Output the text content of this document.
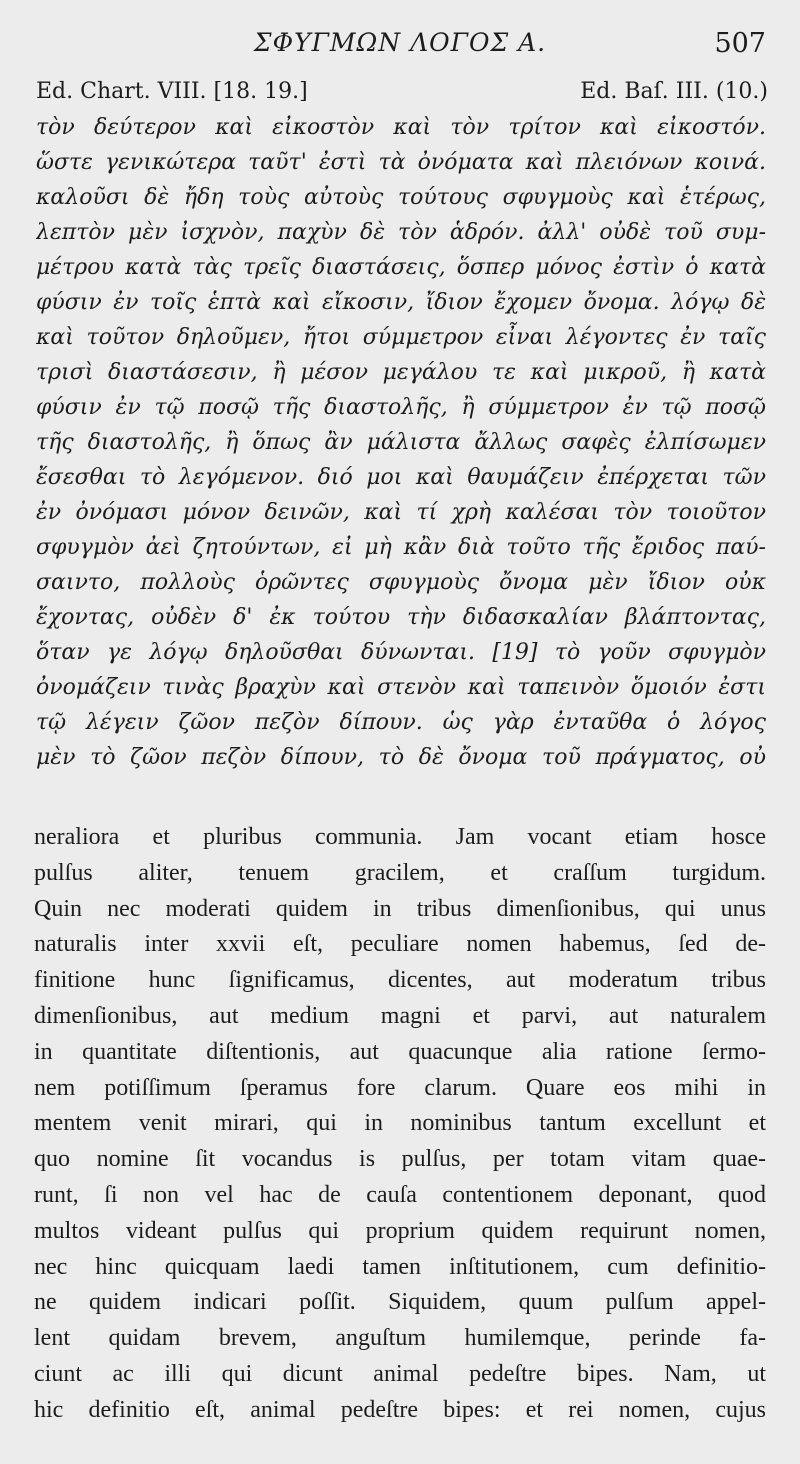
ΣΦΥΓΜΩΝ ΛΟΓΟΣ Α.	507
Ed. Chart. VIII. [18. 19.]	Ed. Baſ. III. (10.)
τὸν δεύτερον καὶ εἰκοστὸν καὶ τὸν τρίτον καὶ εἰκοστόν.
ὥστε γενικώτερα ταῦτ' ἐστὶ τὰ ὀνόματα καὶ πλειόνων κοινά.
καλοῦσι δὲ ἤδη τοὺς αὐτοὺς τούτους σφυγμοὺς καὶ ἑτέρως,
λεπτὸν μὲν ἰσχνὸν, παχὺν δὲ τὸν ἁδρόν. ἀλλ' οὐδὲ τοῦ συμ-
μέτρου κατὰ τὰς τρεῖς διαστάσεις, ὅσπερ μόνος ἐστὶν ὁ κατὰ
φύσιν ἐν τοῖς ἑπτὰ καὶ εἴκοσιν, ἴδιον ἔχομεν ὄνομα. λόγῳ δὲ
καὶ τοῦτον δηλοῦμεν, ἤτοι σύμμετρον εἶναι λέγοντες ἐν ταῖς
τρισὶ διαστάσεσιν, ἢ μέσον μεγάλου τε καὶ μικροῦ, ἢ κατὰ
φύσιν ἐν τῷ ποσῷ τῆς διαστολῆς, ἢ σύμμετρον ἐν τῷ ποσῷ
τῆς διαστολῆς, ἢ ὅπως ἂν μάλιστα ἄλλως σαφὲς ἐλπίσωμεν
ἔσεσθαι τὸ λεγόμενον. διό μοι καὶ θαυμάζειν ἐπέρχεται τῶν
ἐν ὀνόμασι μόνον δεινῶν, καὶ τί χρὴ καλέσαι τὸν τοιοῦτον
σφυγμὸν ἀεὶ ζητούντων, εἰ μὴ κἂν διὰ τοῦτο τῆς ἔριδος παύ-
σαιντο, πολλοὺς ὁρῶντες σφυγμοὺς ὄνομα μὲν ἴδιον οὐκ
ἔχοντας, οὐδὲν δ' ἐκ τούτου τὴν διδασκαλίαν βλάπτοντας,
ὅταν γε λόγῳ δηλοῦσθαι δύνωνται. [19] τὸ γοῦν σφυγμὸν
ὀνομάζειν τινὰς βραχὺν καὶ στενὸν καὶ ταπεινὸν ὅμοιόν ἐστι
τῷ λέγειν ζῶον πεζὸν δίπουν. ὡς γὰρ ἐνταῦθα ὁ λόγος
μὲν τὸ ζῶον πεζὸν δίπουν, τὸ δὲ ὄνομα τοῦ πράγματος, οὐ
neraliora et pluribus communia. Jam vocant etiam hosce
pulſus aliter, tenuem gracilem, et craſſum turgidum.
Quin nec moderati quidem in tribus dimenſionibus, qui unus
naturalis inter xxvii eſt, peculiare nomen habemus, ſed de-
finitione hunc ſignificamus, dicentes, aut moderatum tribus
dimenſionibus, aut medium magni et parvi, aut naturalem
in quantitate diſtentionis, aut quacunque alia ratione ſermo-
nem potiſſimum ſperamus fore clarum. Quare eos mihi in
mentem venit mirari, qui in nominibus tantum excellunt et
quo nomine ſit vocandus is pulſus, per totam vitam quae-
runt, ſi non vel hac de cauſa contentionem deponant, quod
multos videant pulſus qui proprium quidem requirunt nomen,
nec hinc quicquam laedi tamen inſtitutionem, cum definitio-
ne quidem indicari poſſit. Siquidem, quum pulſum appel-
lent quidam brevem, anguſtum humilemque, perinde fa-
ciunt ac illi qui dicunt animal pedeſtre bipes. Nam, ut
hic definitio eſt, animal pedeſtre bipes: et rei nomen, cujus
